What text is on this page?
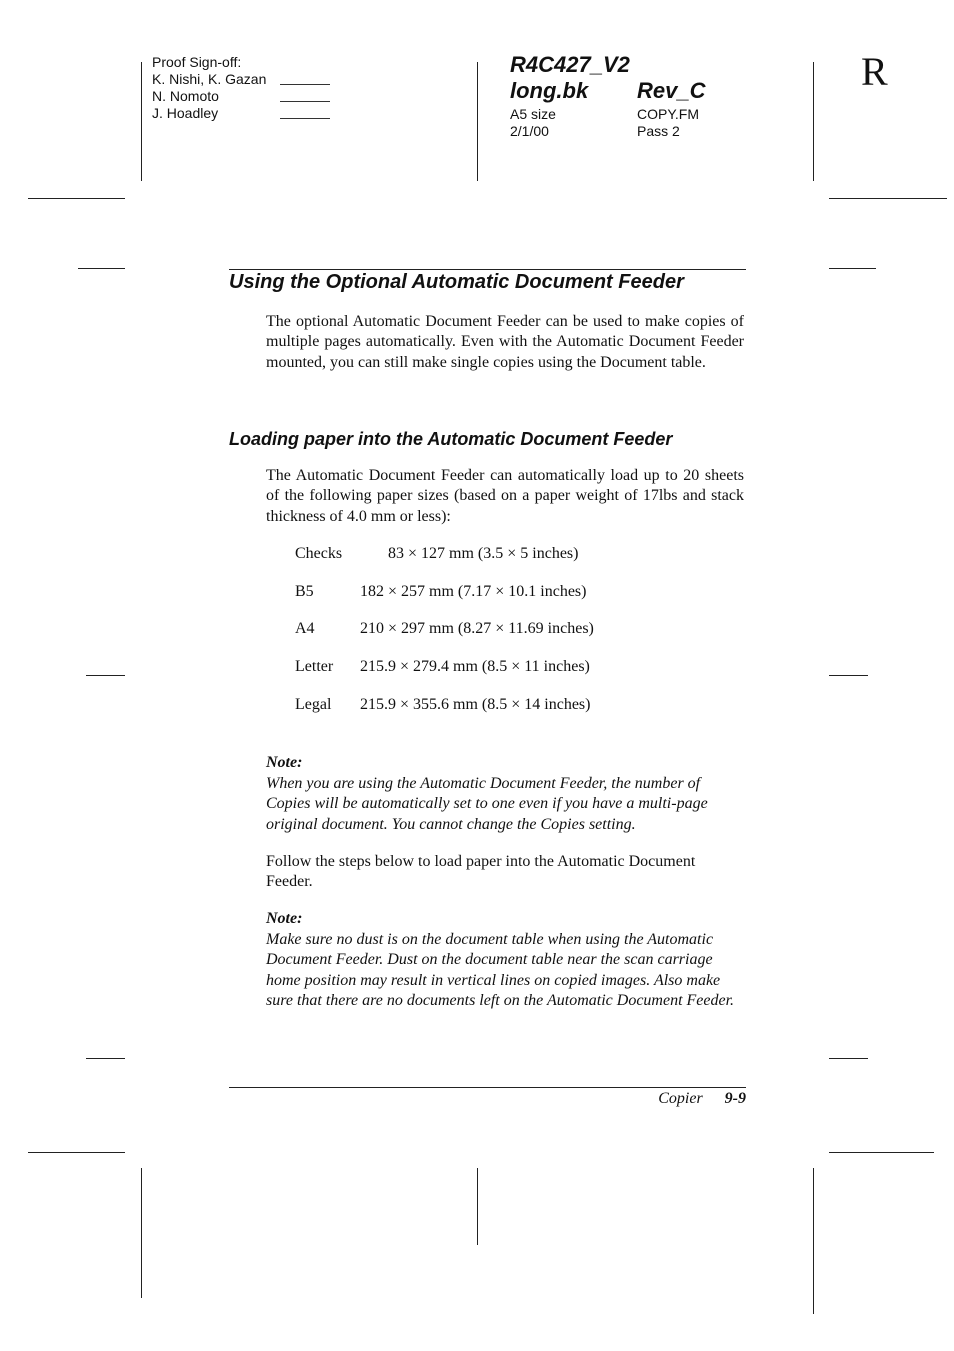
Proof Sign-off:
K. Nishi, K. Gazan
N. Nomoto
J. Hoadley
R4C427_V2
long.bk Rev_C
A5 size
2/1/00
COPY.FM
Pass 2
R
Using the Optional Automatic Document Feeder
The optional Automatic Document Feeder can be used to make copies of multiple pages automatically. Even with the Automatic Document Feeder mounted, you can still make single copies using the Document table.
Loading paper into the Automatic Document Feeder
The Automatic Document Feeder can automatically load up to 20 sheets of the following paper sizes (based on a paper weight of 17lbs and stack thickness of 4.0 mm or less):
Checks	83 × 127 mm (3.5 × 5 inches)
B5	182 × 257 mm (7.17 × 10.1 inches)
A4	210 × 297 mm (8.27 × 11.69 inches)
Letter 215.9 × 279.4 mm (8.5 × 11 inches)
Legal 215.9 × 355.6 mm (8.5 × 14 inches)
Note:
When you are using the Automatic Document Feeder, the number of Copies will be automatically set to one even if you have a multi-page original document. You cannot change the Copies setting.
Follow the steps below to load paper into the Automatic Document Feeder.
Note:
Make sure no dust is on the document table when using the Automatic Document Feeder. Dust on the document table near the scan carriage home position may result in vertical lines on copied images. Also make sure that there are no documents left on the Automatic Document Feeder.
Copier 9-9
